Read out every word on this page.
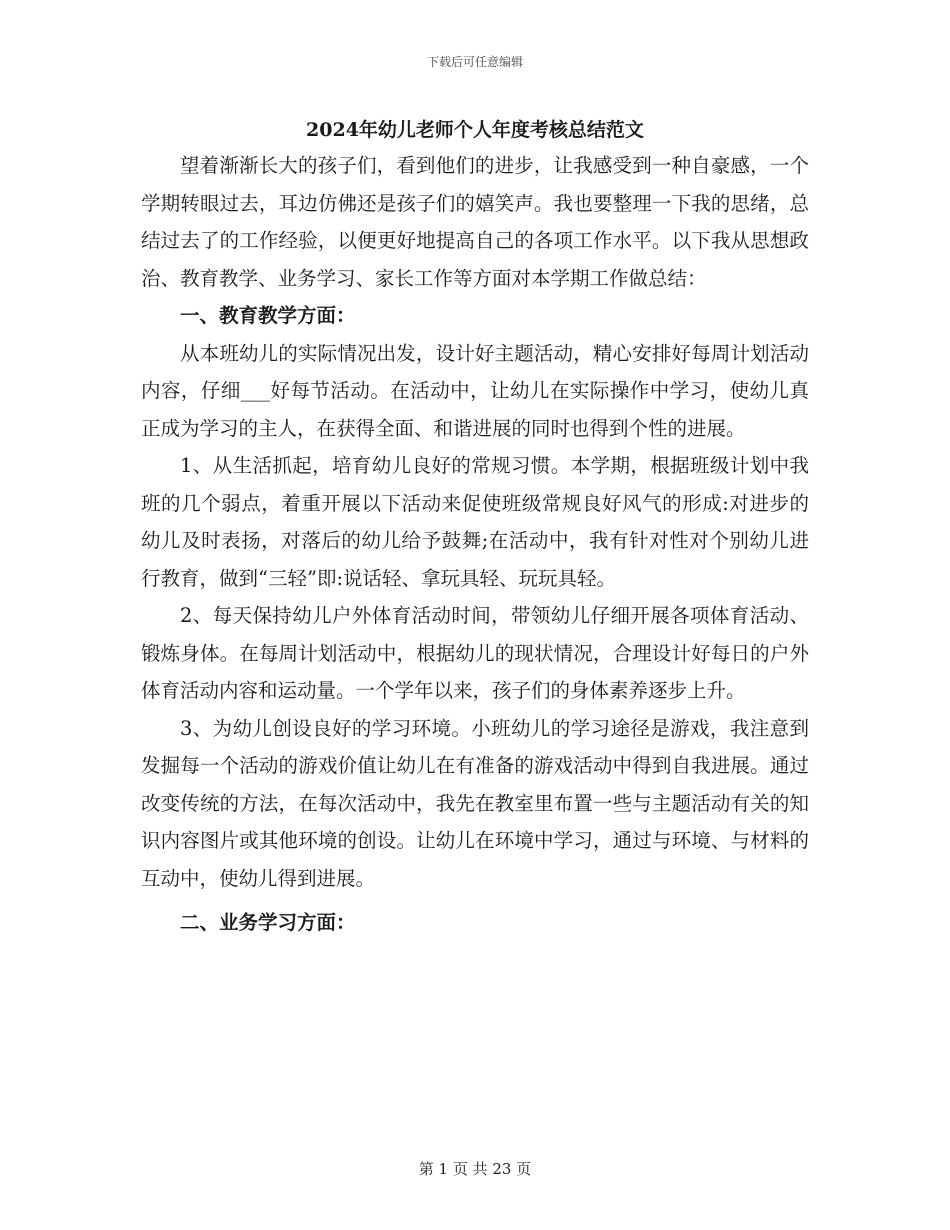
下载后可任意编辑
2024年幼儿老师个人年度考核总结范文

望着渐渐长大的孩子们，看到他们的进步，让我感受到一种自豪感，一个学期转眼过去，耳边仿佛还是孩子们的嬉笑声。我也要整理一下我的思绪，总结过去了的工作经验，以便更好地提高自己的各项工作水平。以下我从思想政治、教育教学、业务学习、家长工作等方面对本学期工作做总结：

一、教育教学方面：

从本班幼儿的实际情况出发，设计好主题活动，精心安排好每周计划活动内容，仔细___好每节活动。在活动中，让幼儿在实际操作中学习，使幼儿真正成为学习的主人，在获得全面、和谐进展的同时也得到个性的进展。

1、从生活抓起，培育幼儿良好的常规习惯。本学期，根据班级计划中我班的几个弱点，着重开展以下活动来促使班级常规良好风气的形成:对进步的幼儿及时表扬，对落后的幼儿给予鼓舞;在活动中，我有针对性对个别幼儿进行教育，做到“三轻”即:说话轻、拿玩具轻、玩玩具轻。

2、每天保持幼儿户外体育活动时间，带领幼儿仔细开展各项体育活动、锻炼身体。在每周计划活动中，根据幼儿的现状情况，合理设计好每日的户外体育活动内容和运动量。一个学年以来，孩子们的身体素养逐步上升。

3、为幼儿创设良好的学习环境。小班幼儿的学习途径是游戏，我注意到发掘每一个活动的游戏价值让幼儿在有准备的游戏活动中得到自我进展。通过改变传统的方法，在每次活动中，我先在教室里布置一些与主题活动有关的知识内容图片或其他环境的创设。让幼儿在环境中学习，通过与环境、与材料的互动中，使幼儿得到进展。

二、业务学习方面：
第 1 页 共 23 页
